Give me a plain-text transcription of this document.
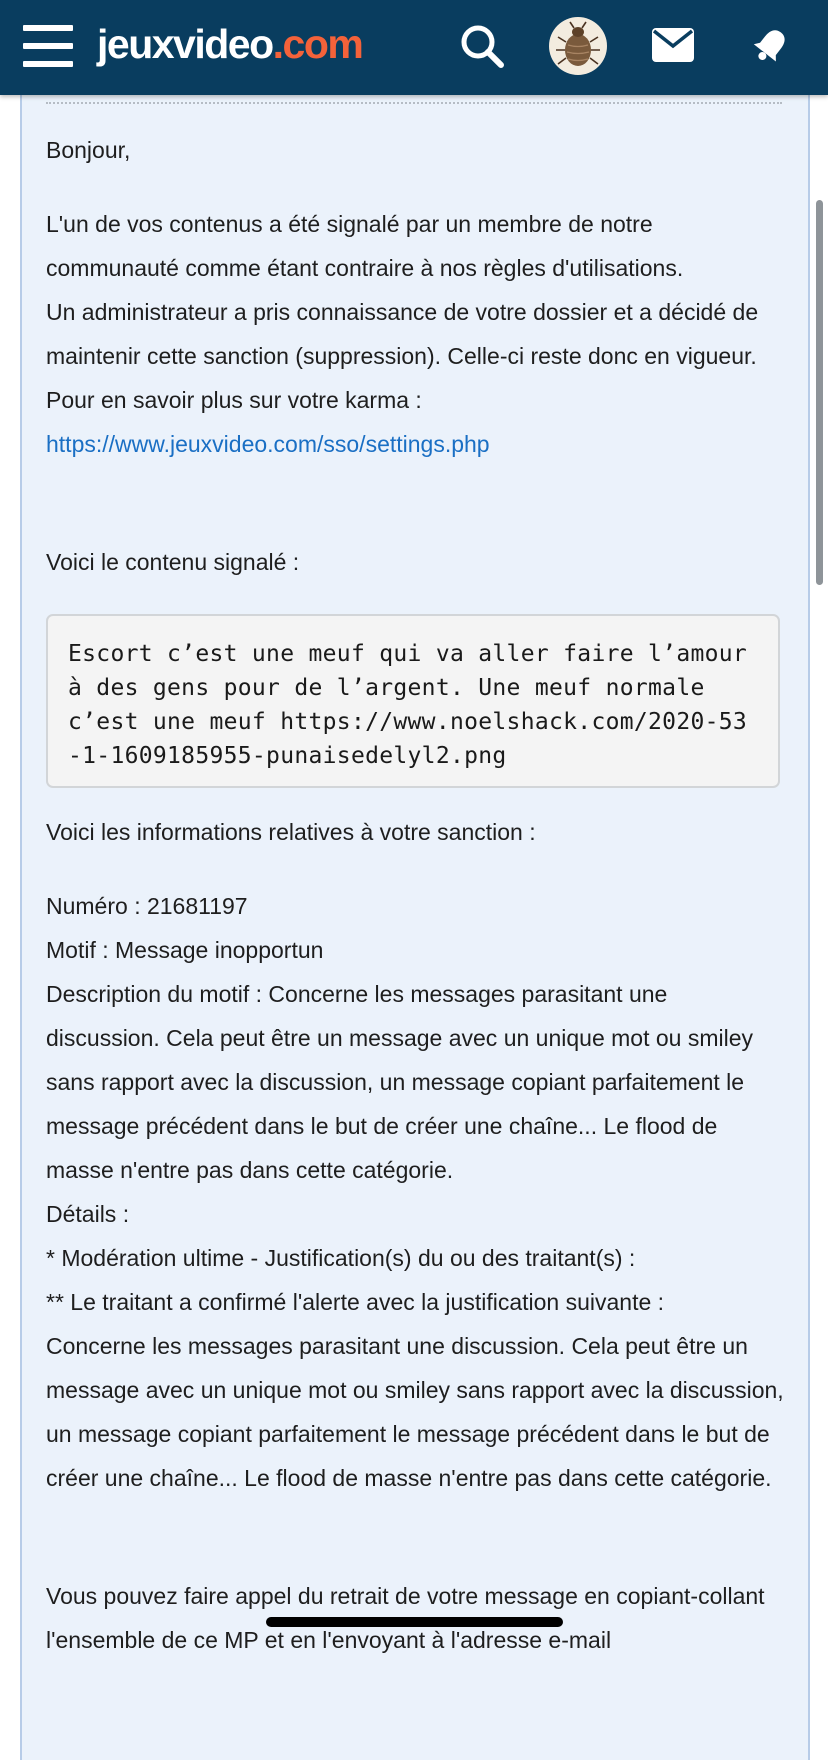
jeuxvideo.com

Bonjour,

L'un de vos contenus a été signalé par un membre de notre communauté comme étant contraire à nos règles d'utilisations.

Un administrateur a pris connaissance de votre dossier et a décidé de maintenir cette sanction (suppression). Celle-ci reste donc en vigueur.

Pour en savoir plus sur votre karma :

https://www.jeuxvideo.com/sso/settings.php

Voici le contenu signalé :

Escort c’est une meuf qui va aller faire l’amour à des gens pour de l’argent. Une meuf normale c’est une meuf https://www.noelshack.com/2020-53-1-1609185955-punaisedelyl2.png

Voici les informations relatives à votre sanction :

Numéro : 21681197

Motif : Message inopportun

Description du motif : Concerne les messages parasitant une discussion. Cela peut être un message avec un unique mot ou smiley sans rapport avec la discussion, un message copiant parfaitement le message précédent dans le but de créer une chaîne... Le flood de masse n'entre pas dans cette catégorie.

Détails :

* Modération ultime - Justification(s) du ou des traitant(s) :

** Le traitant a confirmé l'alerte avec la justification suivante :

Concerne les messages parasitant une discussion. Cela peut être un message avec un unique mot ou smiley sans rapport avec la discussion, un message copiant parfaitement le message précédent dans le but de créer une chaîne... Le flood de masse n'entre pas dans cette catégorie.

Vous pouvez faire appel du retrait de votre message en copiant-collant l'ensemble de ce MP et en l'envoyant à l'adresse e-mail
